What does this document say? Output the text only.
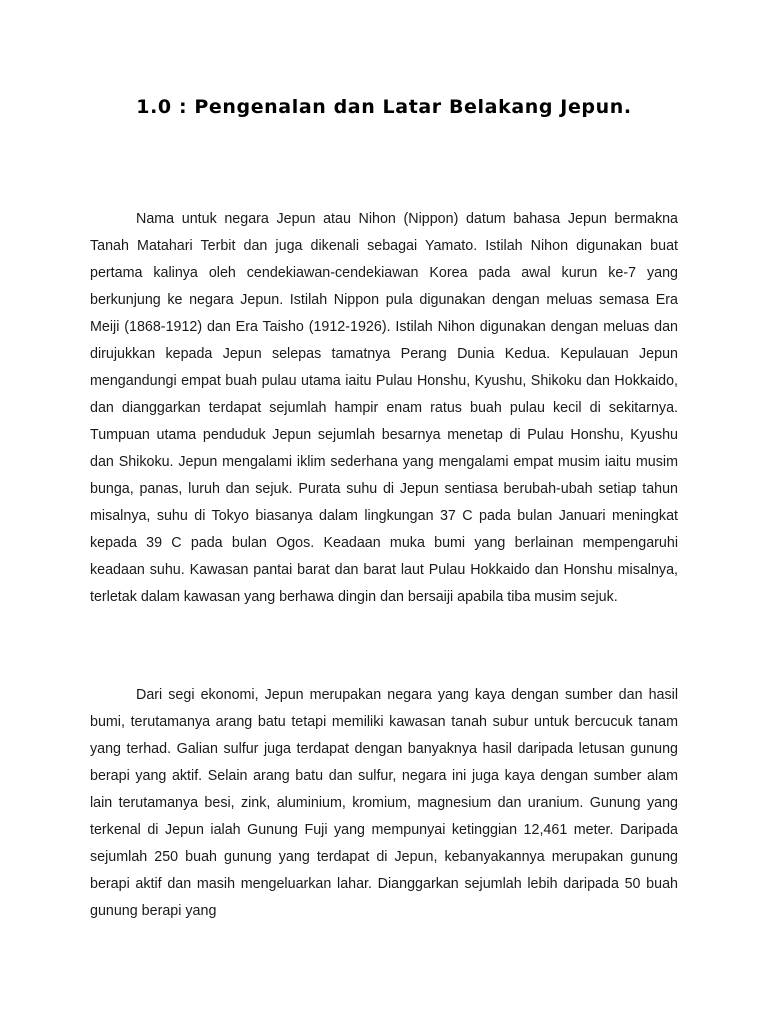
1.0 : Pengenalan dan Latar Belakang Jepun.

Nama untuk negara Jepun atau Nihon (Nippon) datum bahasa Jepun bermakna Tanah Matahari Terbit dan juga dikenali sebagai Yamato. Istilah Nihon digunakan buat pertama kalinya oleh cendekiawan-cendekiawan Korea pada awal kurun ke-7 yang berkunjung ke negara Jepun. Istilah Nippon pula digunakan dengan meluas semasa Era Meiji (1868-1912) dan Era Taisho (1912-1926). Istilah Nihon digunakan dengan meluas dan dirujukkan kepada Jepun selepas tamatnya Perang Dunia Kedua. Kepulauan Jepun mengandungi empat buah pulau utama iaitu Pulau Honshu, Kyushu, Shikoku dan Hokkaido, dan dianggarkan terdapat sejumlah hampir enam ratus buah pulau kecil di sekitarnya. Tumpuan utama penduduk Jepun sejumlah besarnya menetap di Pulau Honshu, Kyushu dan Shikoku. Jepun mengalami iklim sederhana yang mengalami empat musim iaitu musim bunga, panas, luruh dan sejuk. Purata suhu di Jepun sentiasa berubah-ubah setiap tahun misalnya, suhu di Tokyo biasanya dalam lingkungan 37 C pada bulan Januari meningkat kepada 39 C pada bulan Ogos. Keadaan muka bumi yang berlainan mempengaruhi keadaan suhu. Kawasan pantai barat dan barat laut Pulau Hokkaido dan Honshu misalnya, terletak dalam kawasan yang berhawa dingin dan bersaiji apabila tiba musim sejuk.

Dari segi ekonomi, Jepun merupakan negara yang kaya dengan sumber dan hasil bumi, terutamanya arang batu tetapi memiliki kawasan tanah subur untuk bercucuk tanam yang terhad. Galian sulfur juga terdapat dengan banyaknya hasil daripada letusan gunung berapi yang aktif. Selain arang batu dan sulfur, negara ini juga kaya dengan sumber alam lain terutamanya besi, zink, aluminium, kromium, magnesium dan uranium. Gunung yang terkenal di Jepun ialah Gunung Fuji yang mempunyai ketinggian 12,461 meter. Daripada sejumlah 250 buah gunung yang terdapat di Jepun, kebanyakannya merupakan gunung berapi aktif dan masih mengeluarkan lahar. Dianggarkan sejumlah lebih daripada 50 buah gunung berapi yang
